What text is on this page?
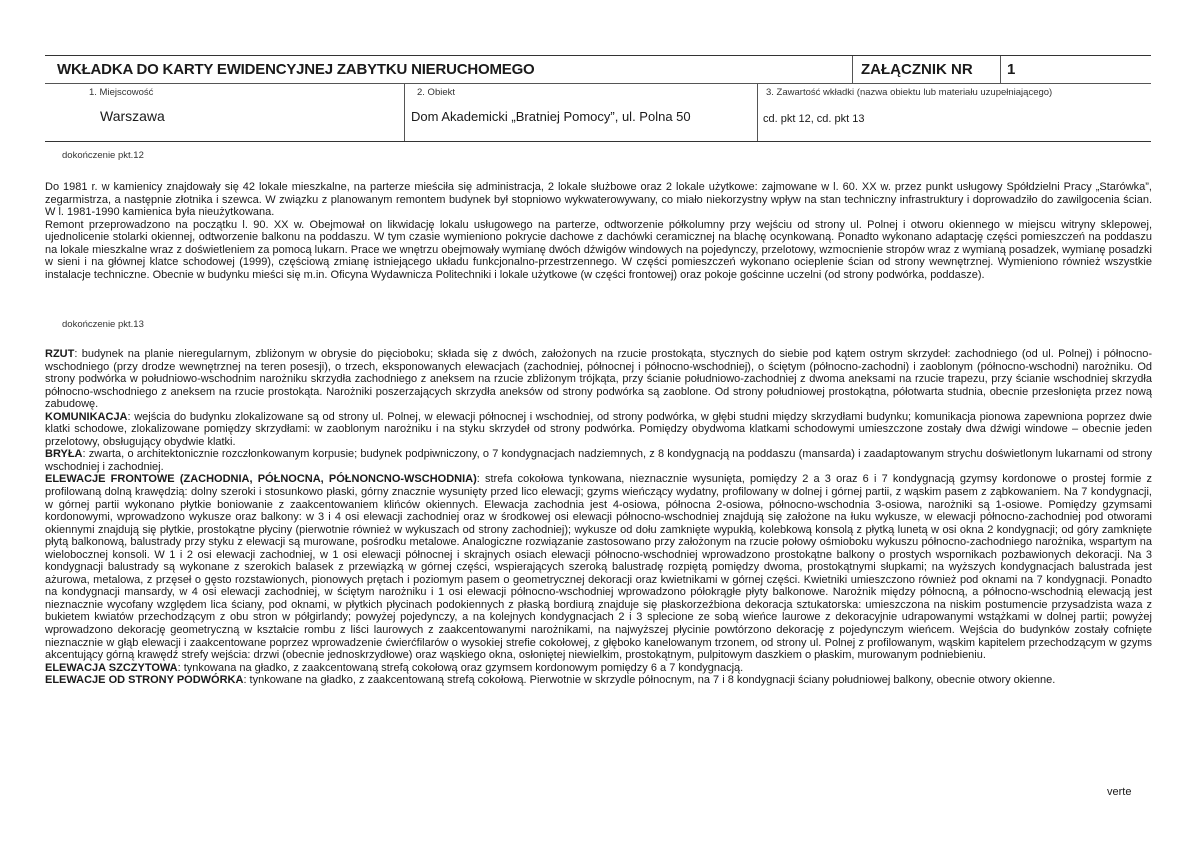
WKŁADKA DO KARTY EWIDENCYJNEJ ZABYTKU NIERUCHOMEGO	ZAŁĄCZNIK NR	1
1. Miejscowość
Warszawa
2. Obiekt
Dom Akademicki „Bratniej Pomocy”, ul. Polna 50
3. Zawartość wkładki (nazwa obiektu lub materiału uzupełniającego)
cd. pkt 12, cd. pkt 13
dokończenie pkt.12

Do 1981 r. w kamienicy znajdowały się 42 lokale mieszkalne, na parterze mieściła się administracja, 2 lokale służbowe oraz 2 lokale użytkowe: zajmowane w l. 60. XX w. przez punkt usługowy Spółdzielni Pracy „Starówka”, zegarmistrza, a następnie złotnika i szewca. W związku z planowanym remontem budynek był stopniowo wykwaterowywany, co miało niekorzystny wpływ na stan techniczny infrastruktury i doprowadziło do zawilgocenia ścian. W l. 1981-1990 kamienica była nieużytkowana.

Remont przeprowadzono na początku l. 90. XX w. Obejmował on likwidację lokalu usługowego na parterze, odtworzenie półkolumny przy wejściu od strony ul. Polnej i otworu okiennego w miejscu witryny sklepowej, ujednolicenie stolarki okiennej, odtworzenie balkonu na poddaszu. W tym czasie wymieniono pokrycie dachowe z dachówki ceramicznej na blachę ocynkowaną. Ponadto wykonano adaptację części pomieszczeń na poddaszu na lokale mieszkalne wraz z doświetleniem za pomocą lukarn. Prace we wnętrzu obejmowały wymianę dwóch dźwigów windowych na pojedynczy, przelotowy, wzmocnienie stropów wraz z wymianą posadzek, wymianę posadzki w sieni i na głównej klatce schodowej (1999), częściową zmianę istniejącego układu funkcjonalno-przestrzennego. W części pomieszczeń wykonano ocieplenie ścian od strony wewnętrznej. Wymieniono również wszystkie instalacje techniczne. Obecnie w budynku mieści się m.in. Oficyna Wydawnicza Politechniki i lokale użytkowe (w części frontowej) oraz pokoje gościnne uczelni (od strony podwórka, poddasze).

dokończenie pkt.13

RZUT: budynek na planie nieregularnym, zbliżonym w obrysie do pięcioboku; składa się z dwóch, założonych na rzucie prostokąta, stycznych do siebie pod kątem ostrym skrzydeł: zachodniego (od ul. Polnej) i północno-wschodniego (przy drodze wewnętrznej na teren posesji), o trzech, eksponowanych elewacjach (zachodniej, północnej i północno-wschodniej), o ściętym (północno-zachodni) i zaoblonym (północno-wschodni) narożniku. Od strony podwórka w południowo-wschodnim narożniku skrzydła zachodniego z aneksem na rzucie zbliżonym trójkąta, przy ścianie południowo-zachodniej z dwoma aneksami na rzucie trapezu, przy ścianie wschodniej skrzydła północno-wschodniego z aneksem na rzucie prostokąta. Narożniki poszerzających skrzydła aneksów od strony podwórka są zaoblone. Od strony południowej prostokątna, półotwarta studnia, obecnie przesłonięta przez nową zabudowę.

KOMUNIKACJA: wejścia do budynku zlokalizowane są od strony ul. Polnej, w elewacji północnej i wschodniej, od strony podwórka, w głębi studni między skrzydłami budynku; komunikacja pionowa zapewniona poprzez dwie klatki schodowe, zlokalizowane pomiędzy skrzydłami: w zaoblonym narożniku i na styku skrzydeł od strony podwórka. Pomiędzy obydwoma klatkami schodowymi umieszczone zostały dwa dźwigi windowe – obecnie jeden przelotowy, obsługujący obydwie klatki.

BRYŁA: zwarta, o architektonicznie rozczłonkowanym korpusie; budynek podpiwniczony, o 7 kondygnacjach nadziemnych, z 8 kondygnacją na poddaszu (mansarda) i zaadaptowanym strychu doświetlonym lukarnami od strony wschodniej i zachodniej.

ELEWACJE FRONTOWE (ZACHODNIA, PÓŁNOCNA, PÓŁNONCNO-WSCHODNIA): strefa cokołowa tynkowana, nieznacznie wysunięta, pomiędzy 2 a 3 oraz 6 i 7 kondygnacją gzymsy kordonowe o prostej formie z profilowaną dolną krawędzią: dolny szeroki i stosunkowo płaski, górny znacznie wysunięty przed lico elewacji; gzyms wieńczący wydatny, profilowany w dolnej i górnej partii, z wąskim pasem z ząbkowaniem. Na 7 kondygnacji, w górnej partii wykonano płytkie boniowanie z zaakcentowaniem klińców okiennych. Elewacja zachodnia jest 4-osiowa, północna 2-osiowa, północno-wschodnia 3-osiowa, narożniki są 1-osiowe. Pomiędzy gzymsami kordonowymi, wprowadzono wykusze oraz balkony: w 3 i 4 osi elewacji zachodniej oraz w środkowej osi elewacji północno-wschodniej znajdują się założone na łuku wykusze, w elewacji północno-zachodniej pod otworami okiennymi znajdują się płytkie, prostokątne płyciny (pierwotnie również w wykuszach od strony zachodniej); wykusze od dołu zamknięte wypukłą, kolebkową konsolą z płytką lunetą w osi okna 2 kondygnacji; od góry zamknięte płytą balkonową, balustrady przy styku z elewacji są murowane, pośrodku metalowe. Analogiczne rozwiązanie zastosowano przy założonym na rzucie połowy ośmioboku wykuszu północno-zachodniego narożnika, wspartym na wielobocznej konsoli. W 1 i 2 osi elewacji zachodniej, w 1 osi elewacji północnej i skrajnych osiach elewacji północno-wschodniej wprowadzono prostokątne balkony o prostych wspornikach pozbawionych dekoracji. Na 3 kondygnacji balustrady są wykonane z szerokich balasek z przewiązką w górnej części, wspierających szeroką balustradę rozpiętą pomiędzy dwoma, prostokątnymi słupkami; na wyższych kondygnacjach balustrada jest ażurowa, metalowa, z przęseł o gęsto rozstawionych, pionowych prętach i poziomym pasem o geometrycznej dekoracji oraz kwietnikami w górnej części. Kwietniki umieszczono również pod oknami na 7 kondygnacji. Ponadto na kondygnacji mansardy, w 4 osi elewacji zachodniej, w ściętym narożniku i 1 osi elewacji północno-wschodniej wprowadzono półokrągłe płyty balkonowe. Narożnik między północną, a północno-wschodnią elewacją jest nieznacznie wycofany względem lica ściany, pod oknami, w płytkich płycinach podokiennych z płaską bordiurą znajduje się płaskorzeźbiona dekoracja sztukatorska: umieszczona na niskim postumencie przysadzista waza z bukietem kwiatów przechodzącym z obu stron w półgirlandy; powyżej pojedynczy, a na kolejnych kondygnacjach 2 i 3 splecione ze sobą wieńce laurowe z dekoracyjnie udrapowanymi wstążkami w dolnej partii; powyżej wprowadzono dekorację geometryczną w kształcie rombu z liści laurowych z zaakcentowanymi narożnikami, na najwyższej płycinie powtórzono dekorację z pojedynczym wieńcem. Wejścia do budynków zostały cofnięte nieznacznie w głąb elewacji i zaakcentowane poprzez wprowadzenie ćwierćfilarów o wysokiej strefie cokołowej, z głęboko kanelowanym trzonem, od strony ul. Polnej z profilowanym, wąskim kapitelem przechodzącym w gzyms akcentujący górną krawędź strefy wejścia: drzwi (obecnie jednoskrzydłowe) oraz wąskiego okna, osłoniętej niewielkim, prostokątnym, pulpitowym daszkiem o płaskim, murowanym podniebieniu.

ELEWACJA SZCZYTOWA: tynkowana na gładko, z zaakcentowaną strefą cokołową oraz gzymsem kordonowym pomiędzy 6 a 7 kondygnacją.

ELEWACJE OD STRONY PODWÓRKA: tynkowane na gładko, z zaakcentowaną strefą cokołową. Pierwotnie w skrzydle północnym, na 7 i 8 kondygnacji ściany południowej balkony, obecnie otwory okienne.

verte
